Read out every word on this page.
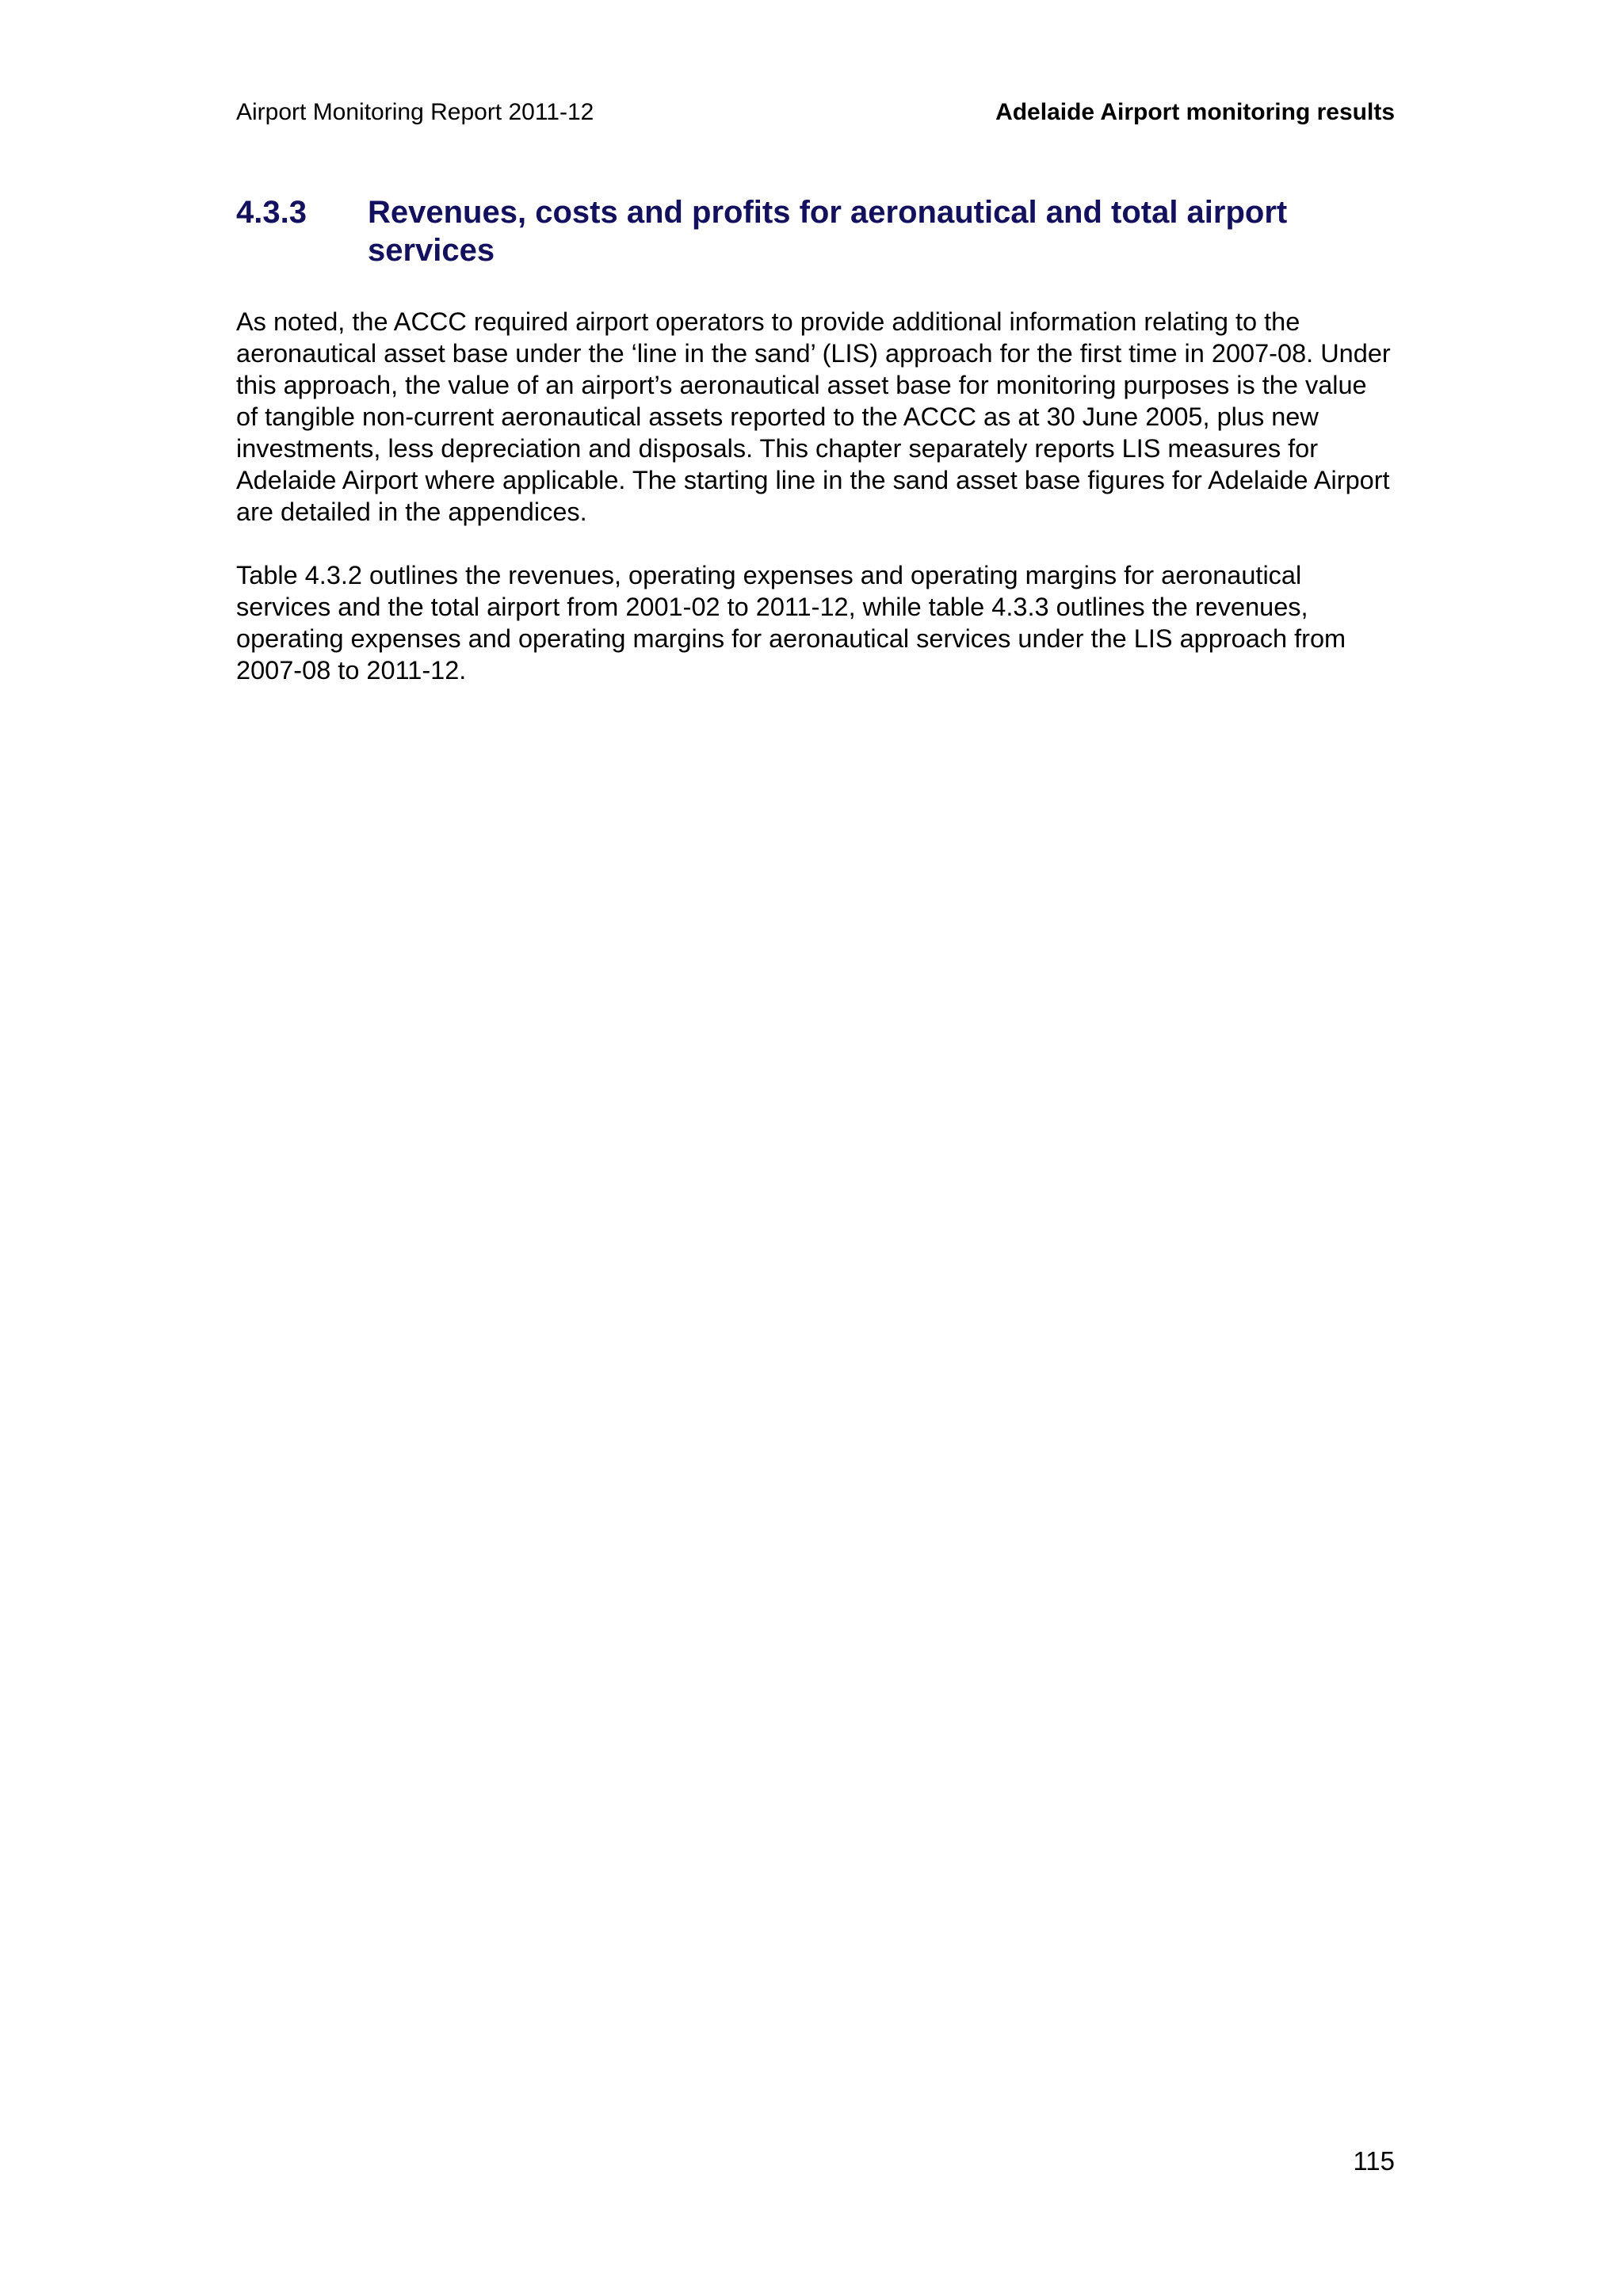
Airport Monitoring Report 2011-12	Adelaide Airport monitoring results
4.3.3 Revenues, costs and profits for aeronautical and total airport services

As noted, the ACCC required airport operators to provide additional information relating to the aeronautical asset base under the ‘line in the sand’ (LIS) approach for the first time in 2007-08. Under this approach, the value of an airport’s aeronautical asset base for monitoring purposes is the value of tangible non-current aeronautical assets reported to the ACCC as at 30 June 2005, plus new investments, less depreciation and disposals. This chapter separately reports LIS measures for Adelaide Airport where applicable. The starting line in the sand asset base figures for Adelaide Airport are detailed in the appendices.

Table 4.3.2 outlines the revenues, operating expenses and operating margins for aeronautical services and the total airport from 2001-02 to 2011-12, while table 4.3.3 outlines the revenues, operating expenses and operating margins for aeronautical services under the LIS approach from 2007-08 to 2011-12.

115
